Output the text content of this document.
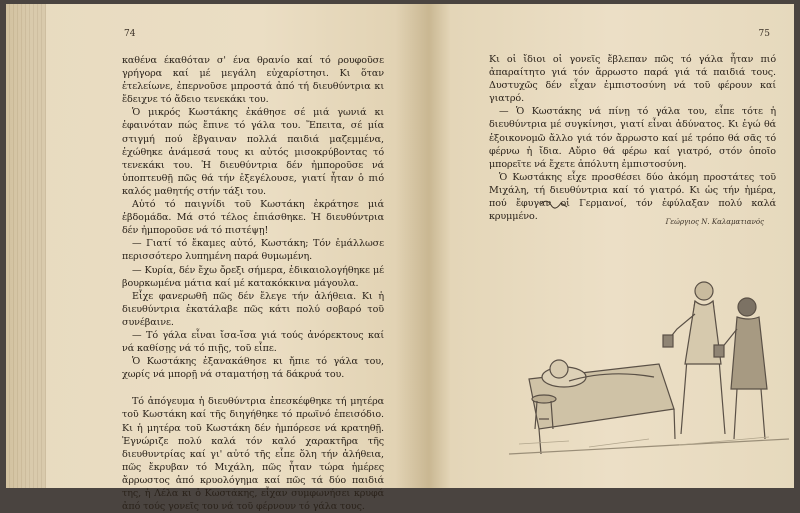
74

καθένα έκαθόταν σ' ένα θρανίο καί τό ρουφοῦσε γρήγορα καί μέ μεγάλη εὐχαρίστησι. Κι ὅταν ἐτελείωνε, ἐπερνοῦσε μπροστά ἀπό τή διευθύντρια κι ἔδειχνε τό ἄδειο τενεκάκι του.

Ὁ μικρός Κωστάκης ἐκάθησε σέ μιά γωνιά κι ἐφαινόταν πώς ἔπινε τό γάλα του. Ἔπειτα, σέ μία στιγμή πού ἔβγαιναν πολλά παιδιά μαζεμμένα, ἐχώθηκε ἀνάμεσά τους κι αὐτός μισοκρύβοντας τό τενεκάκι του. Ἡ διευθύντρια δέν ἠμποροῦσε νά ὑποπτευθῇ πῶς θά τήν ἐξεγέλουσε, γιατί ἦταν ὁ πιό καλός μαθητής στήν τάξι του.

Αὐτό τό παιγνίδι τοῦ Κωστάκη ἐκράτησε μιά ἑβδομάδα. Μά στό τέλος ἐπιάσθηκε. Ἡ διευθύντρια δέν ἠμποροῦσε νά τό πιστέψῃ!

— Γιατί τό ἔκαμες αὐτό, Κωστάκη; Τόν ἐμάλλωσε περισσότερο λυπημένη παρά θυμωμένη.

— Κυρία, δέν ἔχω ὄρεξι σήμερα, ἐδικαιολογήθηκε μέ βουρκωμένα μάτια καί μέ κατακόκκινα μάγουλα.

Εἶχε φανερωθῆ πῶς δέν ἔλεγε τήν ἀλήθεια. Κι ἡ διευθύντρια ἐκατάλαβε πῶς κάτι πολύ σοβαρό τοῦ συνέβαινε.

— Τό γάλα εἶναι ἴσα-ἴσα γιά τούς ἀνόρεκτους καί νά καθίσῃς νά τό πιῇς, τοῦ εἶπε.

Ὁ Κωστάκης ἐξανακάθησε κι ἤπιε τό γάλα του, χωρίς νά μπορῇ νά σταματήσῃ τά δάκρυά του.

Τό ἀπόγευμα ἡ διευθύντρια ἐπεσκέφθηκε τή μητέρα τοῦ Κωστάκη καί τῆς διηγήθηκε τό πρωϊνό ἐπεισόδιο. Κι ἡ μητέρα τοῦ Κωστάκη δέν ἠμπόρεσε νά κρατηθῇ. Ἐγνώριζε πολύ καλά τόν καλό χαρακτῆρα τῆς διευθυντρίας καί γι' αὐτό τῆς εἶπε ὅλη τήν ἀλήθεια, πῶς ἔκρυβαν τό Μιχάλη, πῶς ἦταν τώρα ἡμέρες ἄρρωστος ἀπό κρυολόγημα καί πῶς τά δύο παιδιά της, ἡ Λέλα κι ὁ Κωστάκης, εἶχαν συμφωνήσει κρυφά ἀπό τούς γονεῖς του νά τοῦ φέρνουν τό γάλα τους.

75

Κι οἱ ἴδιοι οἱ γονεῖς ἔβλεπαν πῶς τό γάλα ἦταν πιό ἀπαραίτητο γιά τόν ἄρρωστο παρά γιά τά παιδιά τους. Δυστυχῶς δέν εἶχαν ἐμπιστοσύνη νά τοῦ φέρουν καί γιατρό.

— Ὁ Κωστάκης νά πίνῃ τό γάλα του, εἶπε τότε ἡ διευθύντρια μέ συγκίνησι, γιατί εἶναι ἀδύνατος. Κι ἐγώ θά ἐξοικονομῶ ἄλλο γιά τόν ἄρρωστο καί μέ τρόπο θά σᾶς τό φέρνω ἡ ἴδια. Αὔριο θά φέρω καί γιατρό, στόν ὁποῖο μπορεῖτε νά ἔχετε ἀπόλυτη ἐμπιστοσύνη.

Ὁ Κωστάκης εἶχε προσθέσει δύο ἀκόμη προστάτες τοῦ Μιχάλη, τή διευθύντρια καί τό γιατρό. Κι ὡς τήν ἡμέρα, πού ἔφυγαν οἱ Γερμανοί, τόν ἐφύλαξαν πολύ καλά κρυμμένο.	Γεώργιος Ν. Καλαματιανός
